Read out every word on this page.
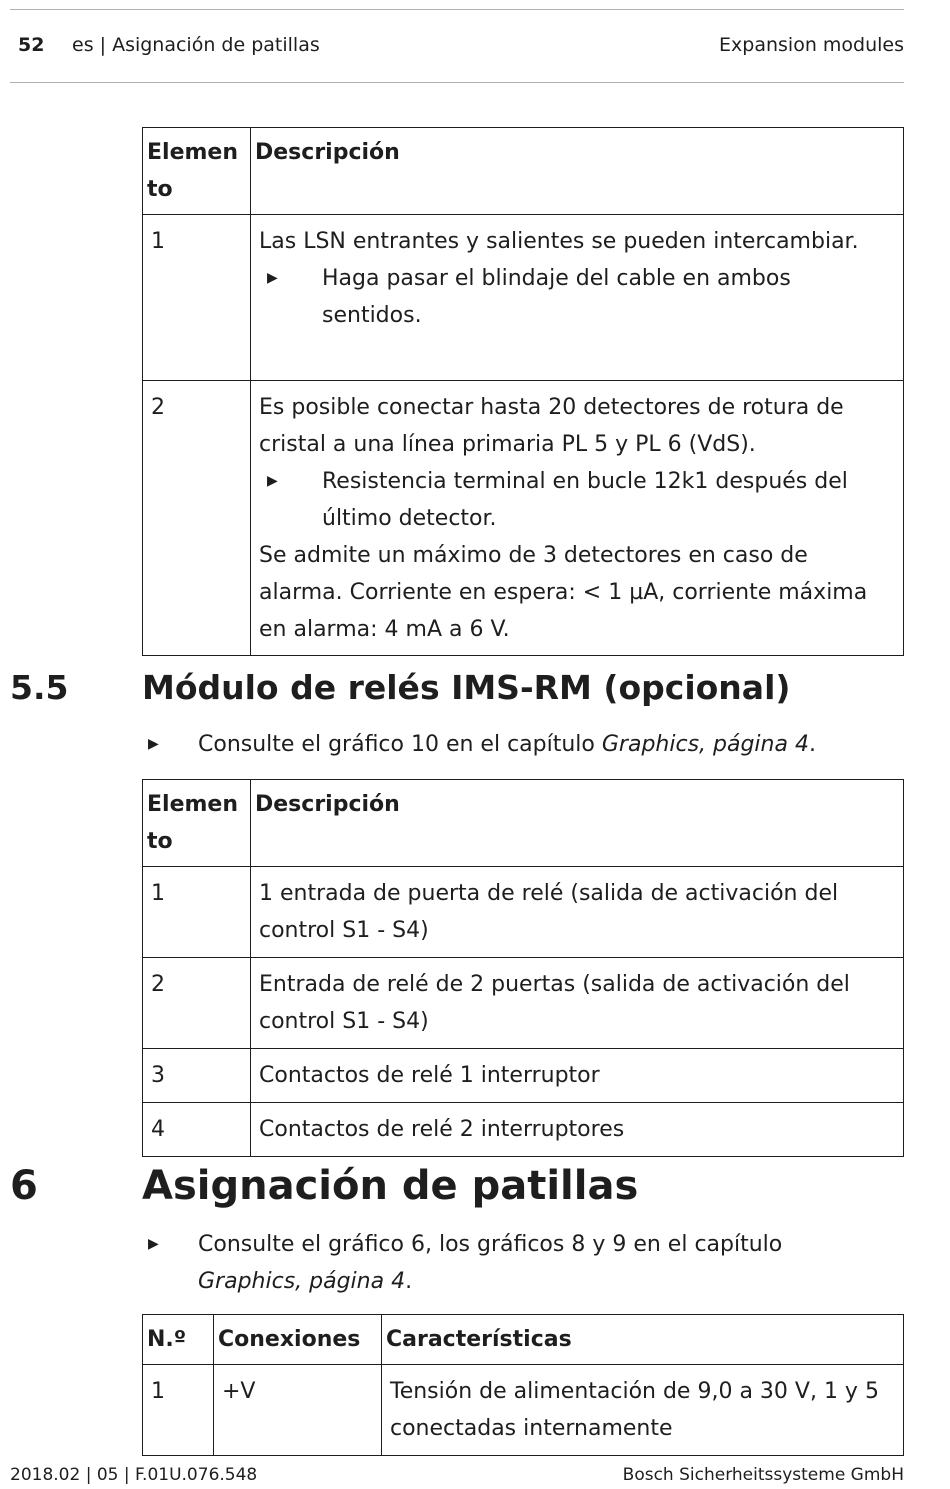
52 es | Asignación de patillas	Expansion modules
Elemento	Descripción
1	Las LSN entrantes y salientes se pueden intercambiar.
▶ Haga pasar el blindaje del cable en ambos sentidos.

2	Es posible conectar hasta 20 detectores de rotura de cristal a una línea primaria PL 5 y PL 6 (VdS).
▶ Resistencia terminal en bucle 12k1 después del último detector.
Se admite un máximo de 3 detectores en caso de alarma. Corriente en espera: < 1 µA, corriente máxima en alarma: 4 mA a 6 V.
5.5 Módulo de relés IMS-RM (opcional)
▶	Consulte el gráfico 10 en el capítulo Graphics, página 4.
Elemento	Descripción
1	1 entrada de puerta de relé (salida de activación del control S1 - S4)
2	Entrada de relé de 2 puertas (salida de activación del control S1 - S4)
3	Contactos de relé 1 interruptor
4	Contactos de relé 2 interruptores
6	Asignación de patillas
▶	Consulte el gráfico 6, los gráficos 8 y 9 en el capítulo Graphics, página 4.
N.º	Conexiones	Características
1	+V	Tensión de alimentación de 9,0 a 30 V, 1 y 5 conectadas internamente
2018.02 | 05 | F.01U.076.548	Bosch Sicherheitssysteme GmbH
